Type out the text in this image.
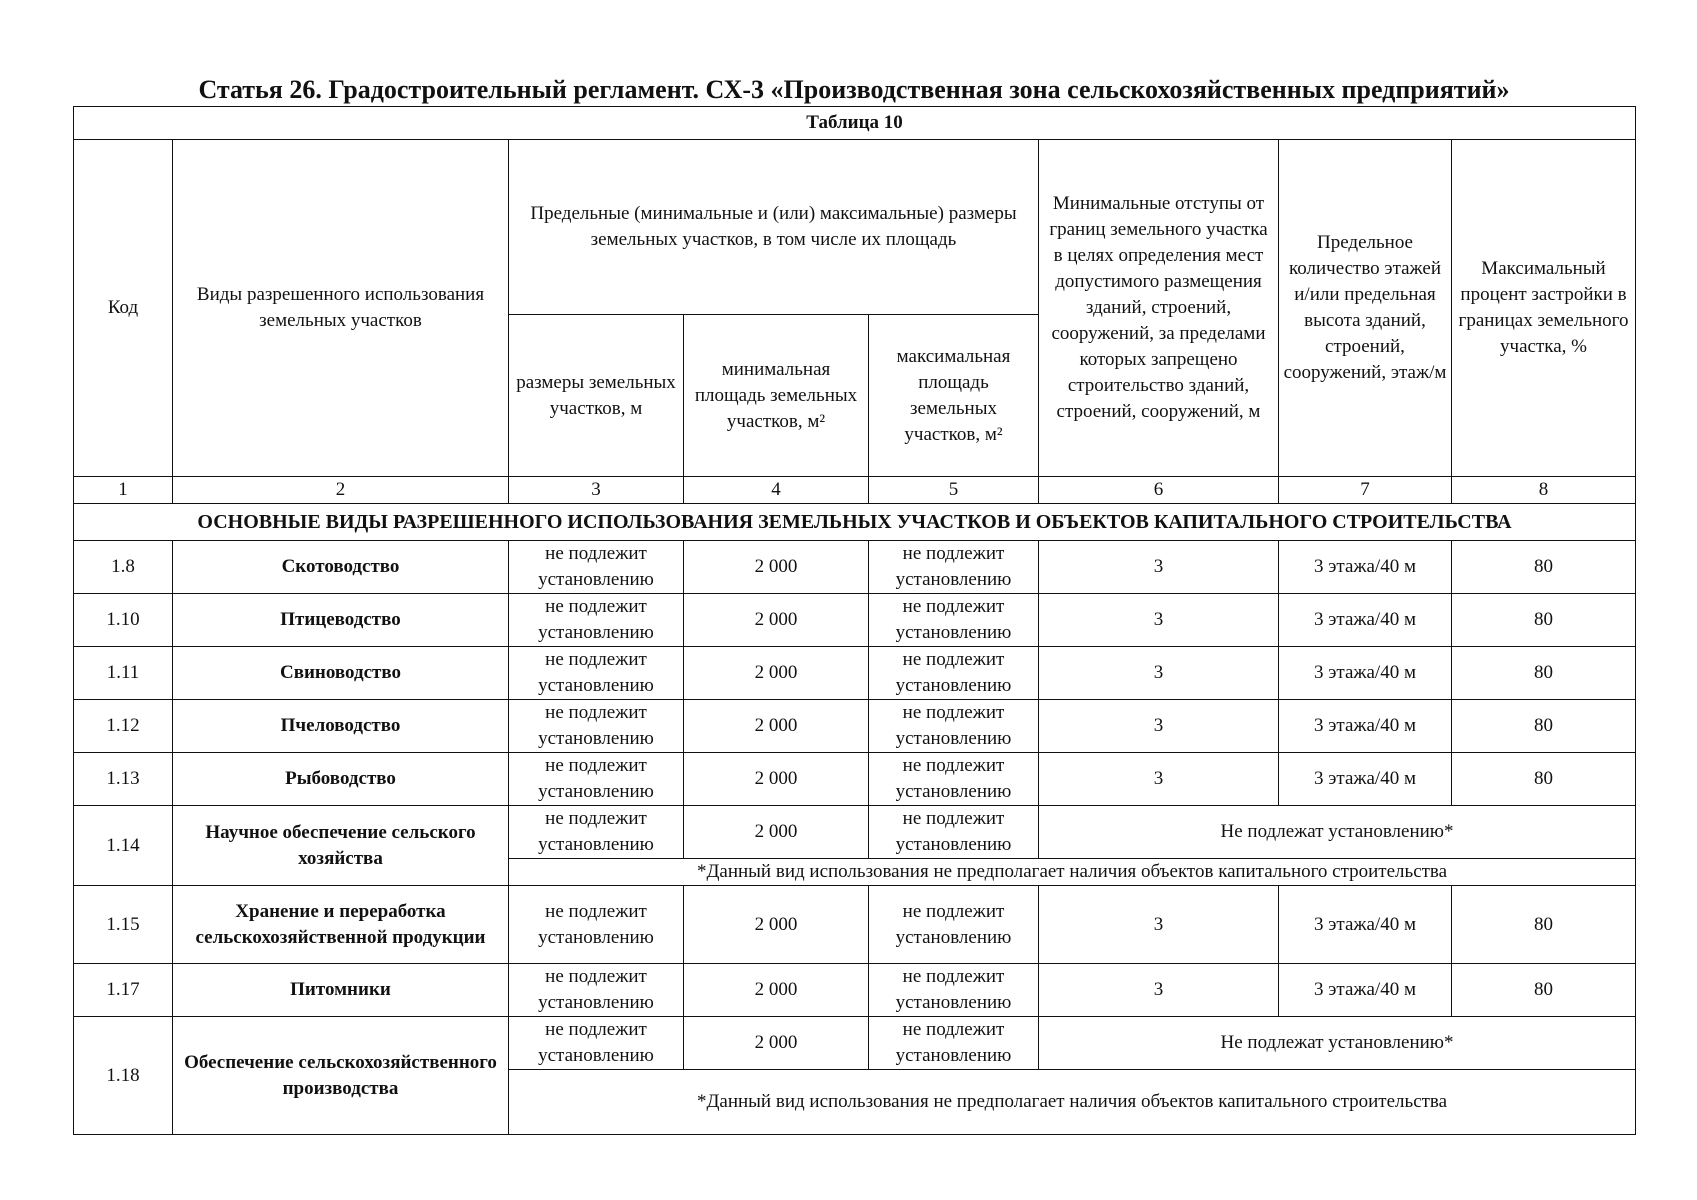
Статья 26. Градостроительный регламент. СХ-3 «Производственная зона сельскохозяйственных предприятий»
Таблица 10							
Код	Виды разрешенного использования земельных участков	Предельные (минимальные и (или) максимальные) размеры земельных участков, в том числе их площадь			Минимальные отступы от границ земельного участка в целях определения мест допустимого размещения зданий, строений, сооружений, за пределами которых запрещено строительство зданий, строений, сооружений, м	Предельное количество этажей и/или предельная высота зданий, строений, сооружений, этаж/м	Максимальный процент застройки в границах земельного участка, %
		размеры земельных участков, м	минимальная площадь земельных участков, м²	максимальная площадь земельных участков, м²			
1	2	3	4	5	6	7	8
ОСНОВНЫЕ ВИДЫ РАЗРЕШЕННОГО ИСПОЛЬЗОВАНИЯ ЗЕМЕЛЬНЫХ УЧАСТКОВ И ОБЪЕКТОВ КАПИТАЛЬНОГО СТРОИТЕЛЬСТВА							
1.8	Скотоводство	не подлежит установлению	2 000	не подлежит установлению	3	3 этажа/40 м	80
1.10	Птицеводство	не подлежит установлению	2 000	не подлежит установлению	3	3 этажа/40 м	80
1.11	Свиноводство	не подлежит установлению	2 000	не подлежит установлению	3	3 этажа/40 м	80
1.12	Пчеловодство	не подлежит установлению	2 000	не подлежит установлению	3	3 этажа/40 м	80
1.13	Рыбоводство	не подлежит установлению	2 000	не подлежит установлению	3	3 этажа/40 м	80
1.14	Научное обеспечение сельского хозяйства	не подлежит установлению	2 000	не подлежит установлению	Не подлежат установлению*		
		*Данный вид использования не предполагает наличия объектов капитального строительства					
1.15	Хранение и переработка сельскохозяйственной продукции	не подлежит установлению	2 000	не подлежит установлению	3	3 этажа/40 м	80
1.17	Питомники	не подлежит установлению	2 000	не подлежит установлению	3	3 этажа/40 м	80
1.18	Обеспечение сельскохозяйственного производства	не подлежит установлению	2 000	не подлежит установлению	Не подлежат установлению*		
		*Данный вид использования не предполагает наличия объектов капитального строительства					
